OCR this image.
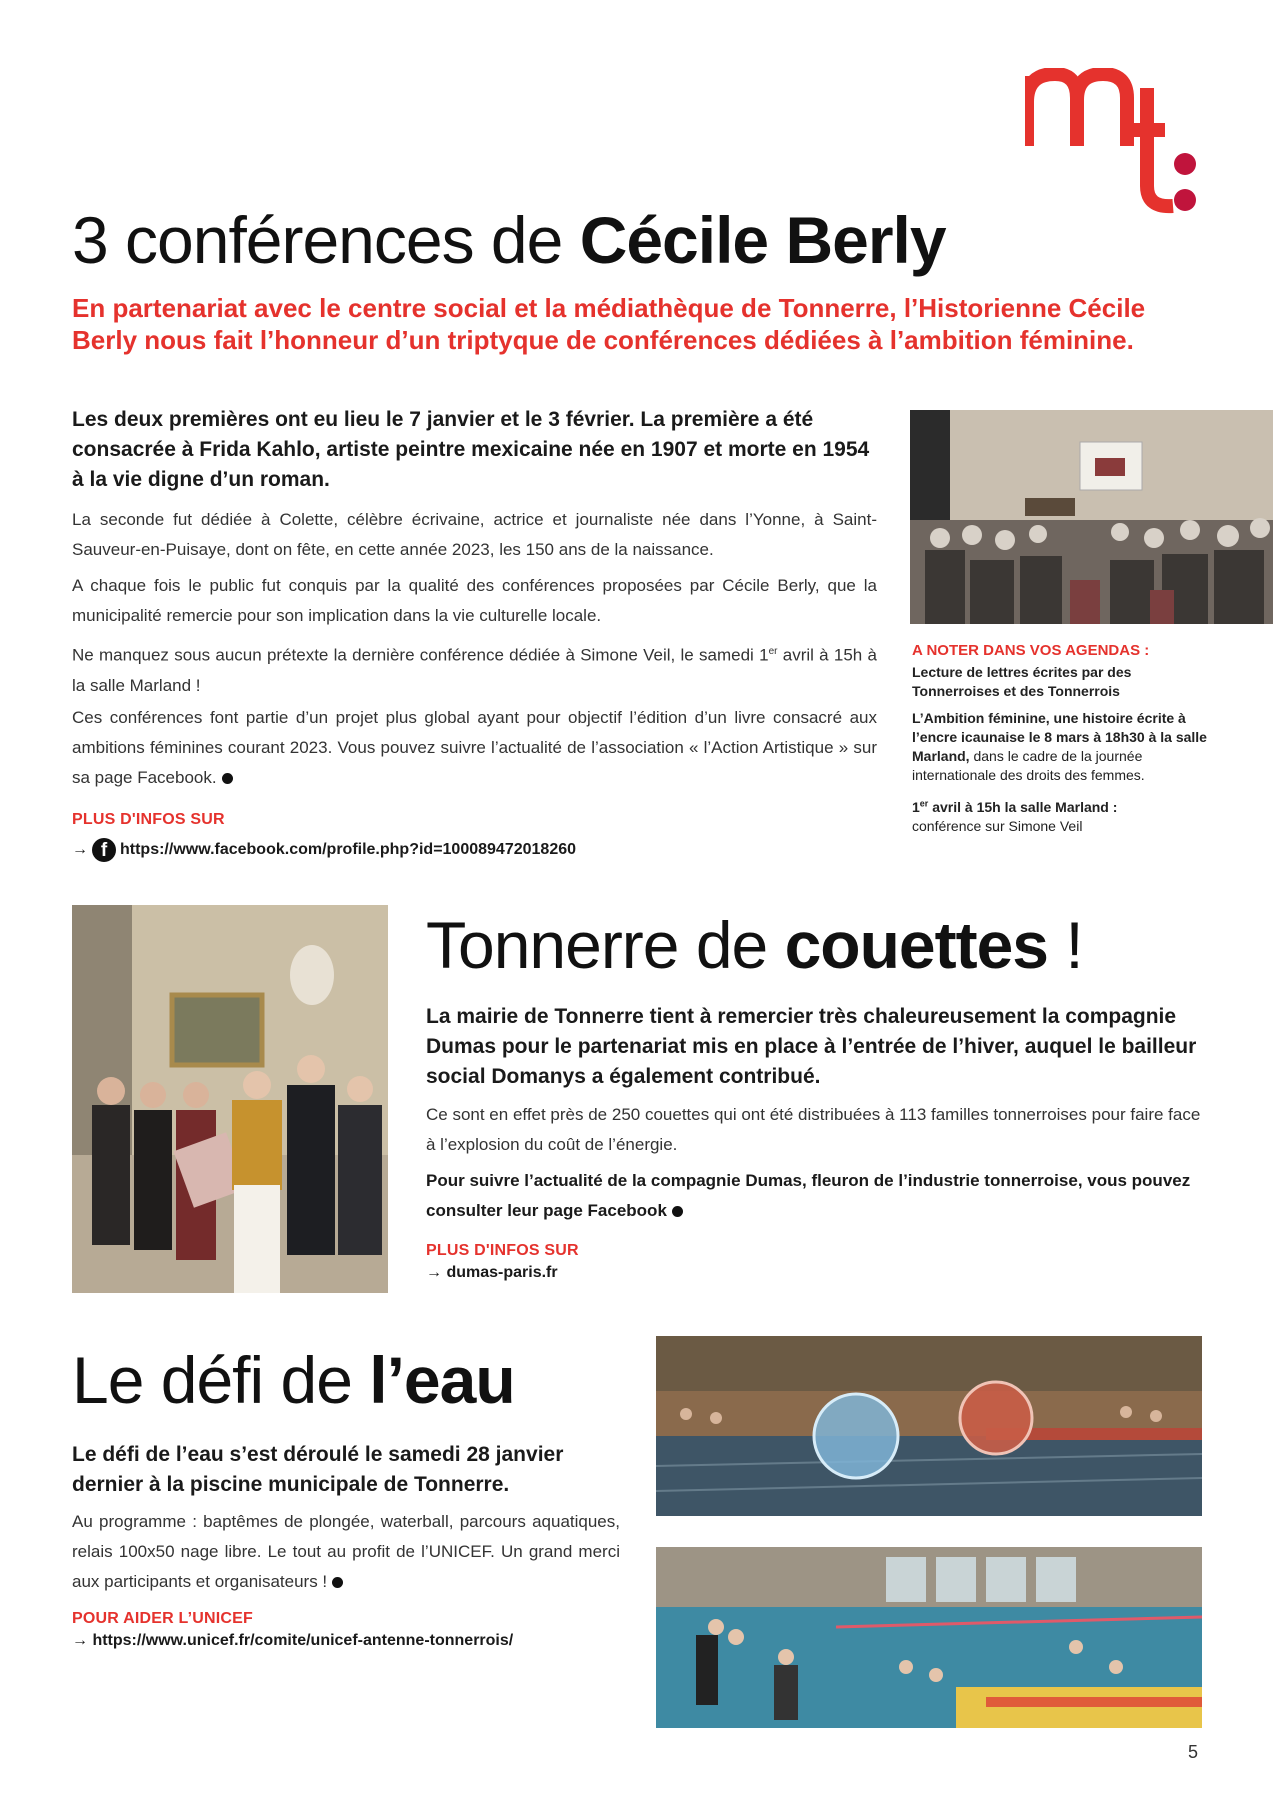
3 conférences de Cécile Berly
En partenariat avec le centre social et la médiathèque de Tonnerre, l’Historienne Cécile Berly nous fait l’honneur d’un triptyque de conférences dédiées à l’ambition féminine.
Les deux premières ont eu lieu le 7 janvier et le 3 février. La première a été consacrée à Frida Kahlo, artiste peintre mexicaine née en 1907 et morte en 1954 à la vie digne d’un roman.
La seconde fut dédiée à Colette, célèbre écrivaine, actrice et journaliste née dans l’Yonne, à Saint-Sauveur-en-Puisaye, dont on fête, en cette année 2023, les 150 ans de la naissance.
A chaque fois le public fut conquis par la qualité des conférences proposées par Cécile Berly, que la municipalité remercie pour son implication dans la vie culturelle locale.
Ne manquez sous aucun prétexte la dernière conférence dédiée à Simone Veil, le samedi 1er avril à 15h à la salle Marland !
Ces conférences font partie d’un projet plus global ayant pour objectif l’édition d’un livre consacré aux ambitions féminines courant 2023. Vous pouvez suivre l’actualité de l’association « l’Action Artistique » sur sa page Facebook.
PLUS D'INFOS SUR
→ f https://www.facebook.com/profile.php?id=100089472018260
A NOTER DANS VOS AGENDAS :
Lecture de lettres écrites par des Tonnerroises et des Tonnerrois
L’Ambition féminine, une histoire écrite à l’encre icaunaise le 8 mars à 18h30 à la salle Marland, dans le cadre de la journée internationale des droits des femmes.
1er avril à 15h la salle Marland :
conférence sur Simone Veil
Tonnerre de couettes !
La mairie de Tonnerre tient à remercier très chaleureusement la compagnie Dumas pour le partenariat mis en place à l’entrée de l’hiver, auquel le bailleur social Domanys a également contribué.
Ce sont en effet près de 250 couettes qui ont été distribuées à 113 familles tonnerroises pour faire face à l’explosion du coût de l’énergie.
Pour suivre l’actualité de la compagnie Dumas, fleuron de l’industrie tonnerroise, vous pouvez consulter leur page Facebook
PLUS D'INFOS SUR
→ dumas-paris.fr
Le défi de l’eau
Le défi de l’eau s’est déroulé le samedi 28 janvier dernier à la piscine municipale de Tonnerre.
Au programme : baptêmes de plongée, waterball, parcours aquatiques, relais 100x50 nage libre. Le tout au profit de l’UNICEF. Un grand merci aux participants et organisateurs !
POUR AIDER L’UNICEF
→ https://www.unicef.fr/comite/unicef-antenne-tonnerrois/
5
